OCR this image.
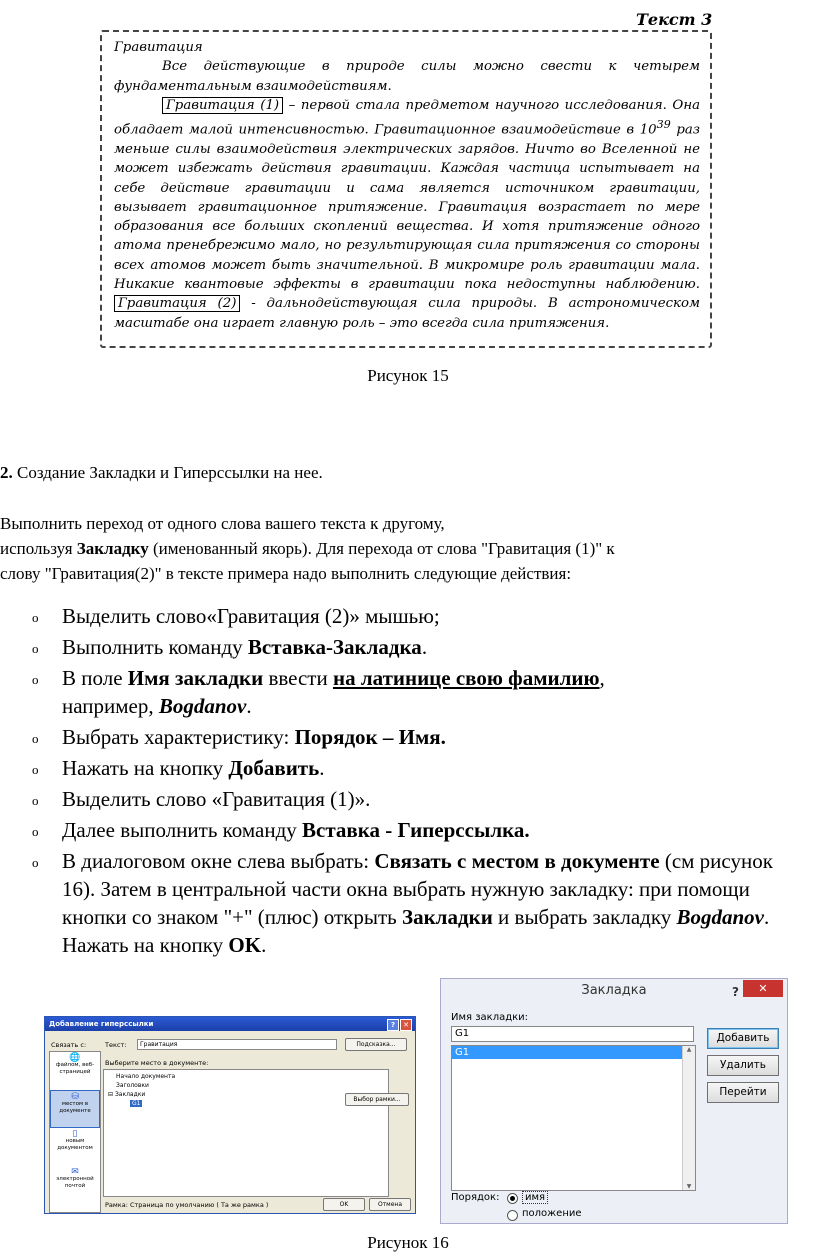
Текст 3

Гравитация

Все действующие в природе силы можно свести к четырем фундаментальным взаимодействиям.

Гравитация (1) – первой стала предметом научного исследования. Она обладает малой интенсивностью. Гравитационное взаимодействие в $10^{39}$ раз меньше силы взаимодействия электрических зарядов. Ничто во Вселенной не может избежать действия гравитации. Каждая частица испытывает на себе действие гравитации и сама является источником гравитации, вызывает гравитационное притяжение. Гравитация возрастает по мере образования все больших скоплений вещества. И хотя притяжение одного атома пренебрежимо мало, но результирующая сила притяжения со стороны всех атомов может быть значительной. В микромире роль гравитации мала. Никакие квантовые эффекты в гравитации пока недоступны наблюдению. Гравитация (2) - дальнодействующая сила природы. В астрономическом масштабе она играет главную роль – это всегда сила притяжения.

Рисунок 15
2. Создание Закладки и Гиперссылки на нее.
Выполнить переход от одного слова вашего текста к другому,
используя Закладку (именованный якорь). Для перехода от слова "Гравитация (1)" к
слову "Гравитация(2)" в тексте примера надо выполнить следующие действия:
o Выделить слово«Гравитация (2)» мышью;
o Выполнить команду Вставка-Закладка.
o В поле Имя закладки ввести на латинице свою фамилию,
например, Bogdanov.
o Выбрать характеристику: Порядок – Имя.
o Нажать на кнопку Добавить.
o Выделить слово «Гравитация (1)».
o Далее выполнить команду Вставка - Гиперссылка.
o В диалоговом окне слева выбрать: Связать с местом в документе (см рисунок 16). Затем в центральной части окна выбрать нужную закладку: при помощи кнопки со знаком "+" (плюс) открыть Закладки и выбрать закладку Bogdanov. Нажать на кнопку OK.
Добавление гиперссылки	?	✕
Связать с:	Текст:	Гравитация	Подсказка...
🌐
файлом, веб-страницей
⛁
местом в документе
▯
новым документом
✉
электронной почтой
Выберите место в документе:
Начало документа
Заголовки
⊟ Закладки
G1
Выбор рамки...
Рамка: Страница по умолчанию ( Та же рамка )	OK	Отмена
Закладка	?	✕
Имя закладки:
G1
G1	▲
▼
Добавить
Удалить
Перейти
Порядок:	имя
положение
Рисунок 16
